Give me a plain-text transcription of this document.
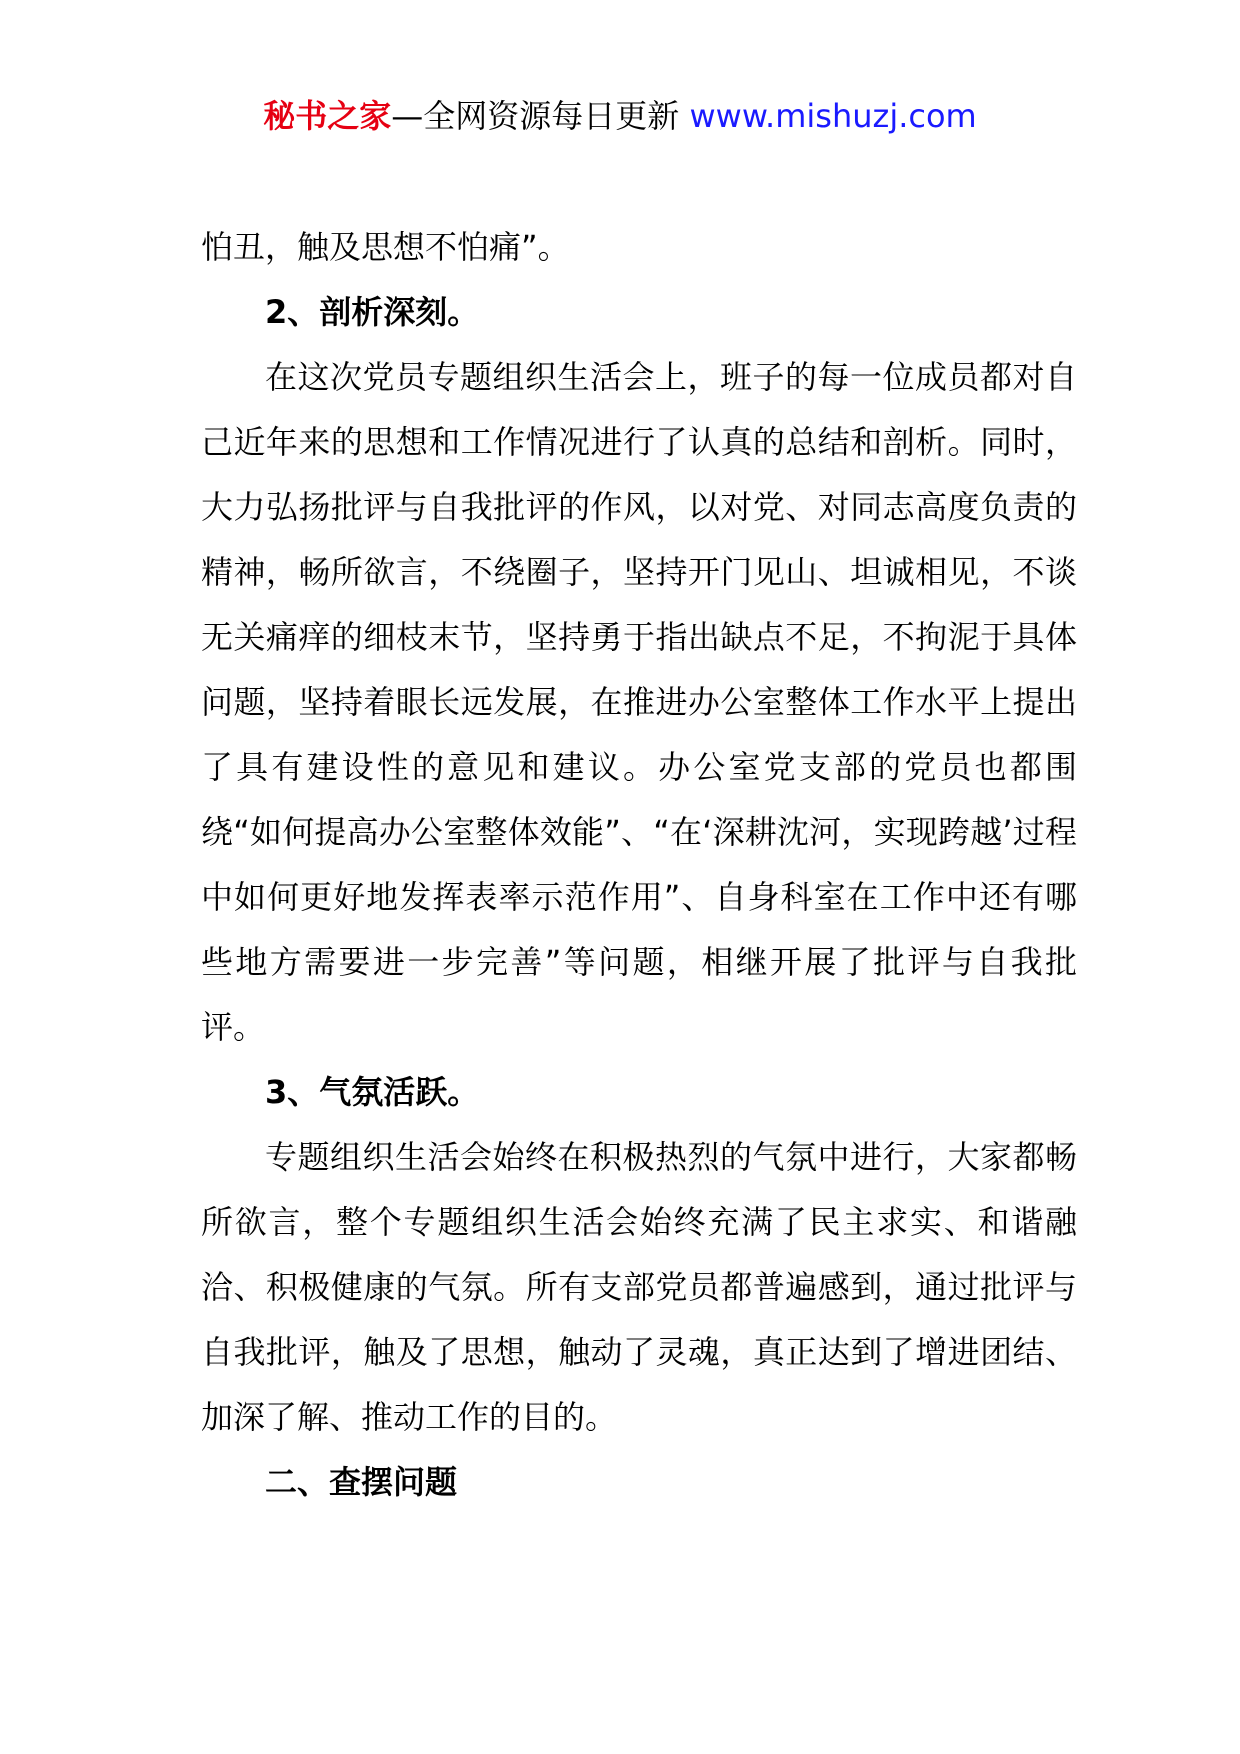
秘书之家—全网资源每日更新 www.mishuzj.com

怕丑，触及思想不怕痛”。

2、剖析深刻。

在这次党员专题组织生活会上，班子的每一位成员都对自己近年来的思想和工作情况进行了认真的总结和剖析。同时，大力弘扬批评与自我批评的作风，以对党、对同志高度负责的精神，畅所欲言，不绕圈子，坚持开门见山、坦诚相见，不谈无关痛痒的细枝末节，坚持勇于指出缺点不足，不拘泥于具体问题，坚持着眼长远发展，在推进办公室整体工作水平上提出了具有建设性的意见和建议。办公室党支部的党员也都围绕“如何提高办公室整体效能”、“在‘深耕沈河，实现跨越’过程中如何更好地发挥表率示范作用”、自身科室在工作中还有哪些地方需要进一步完善”等问题，相继开展了批评与自我批评。

3、气氛活跃。

专题组织生活会始终在积极热烈的气氛中进行，大家都畅所欲言，整个专题组织生活会始终充满了民主求实、和谐融洽、积极健康的气氛。所有支部党员都普遍感到，通过批评与自我批评，触及了思想，触动了灵魂，真正达到了增进团结、加深了解、推动工作的目的。

二、查摆问题
